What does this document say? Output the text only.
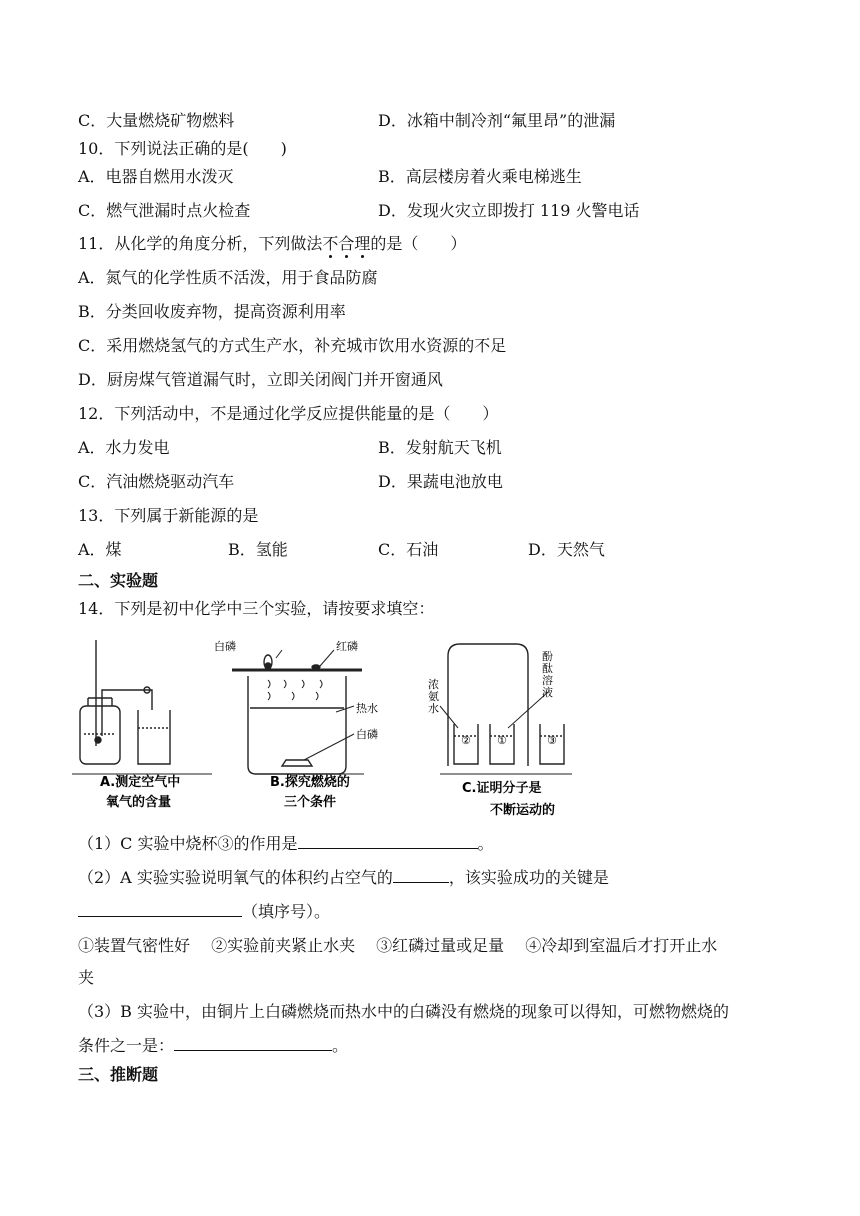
C．大量燃烧矿物燃料	D．冰箱中制冷剂“氟里昂”的泄漏
10．下列说法正确的是(　　)
A．电器自燃用水泼灭	B．高层楼房着火乘电梯逃生
C．燃气泄漏时点火检查	D．发现火灾立即拨打 119 火警电话
11．从化学的角度分析，下列做法不合理的是（　　）
A．氮气的化学性质不活泼，用于食品防腐
B．分类回收废弃物，提高资源利用率
C．采用燃烧氢气的方式生产水，补充城市饮用水资源的不足
D．厨房煤气管道漏气时，立即关闭阀门并开窗通风
12．下列活动中，不是通过化学反应提供能量的是（　　）
A．水力发电	B．发射航天飞机
C．汽油燃烧驱动汽车	D．果蔬电池放电
13．下列属于新能源的是
A．煤	B．氢能	C．石油	D．天然气
二、实验题
14．下列是初中化学中三个实验，请按要求填空：
白磷	红磷
热水
白磷	② ①	③
浓
氨
水
酚
酞
溶
液
A.测定空气中
氧气的含量
B.探究燃烧的
三个条件
C.证明分子是
不断运动的
（1）C 实验中烧杯③的作用是	。
（2）A 实验实验说明氧气的体积约占空气的	，该实验成功的关键是
（填序号）。
①装置气密性好　 ②实验前夹紧止水夹　 ③红磷过量或足量　 ④冷却到室温后才打开止水
夹
（3）B 实验中，由铜片上白磷燃烧而热水中的白磷没有燃烧的现象可以得知，可燃物燃烧的
条件之一是：	。
三、推断题
